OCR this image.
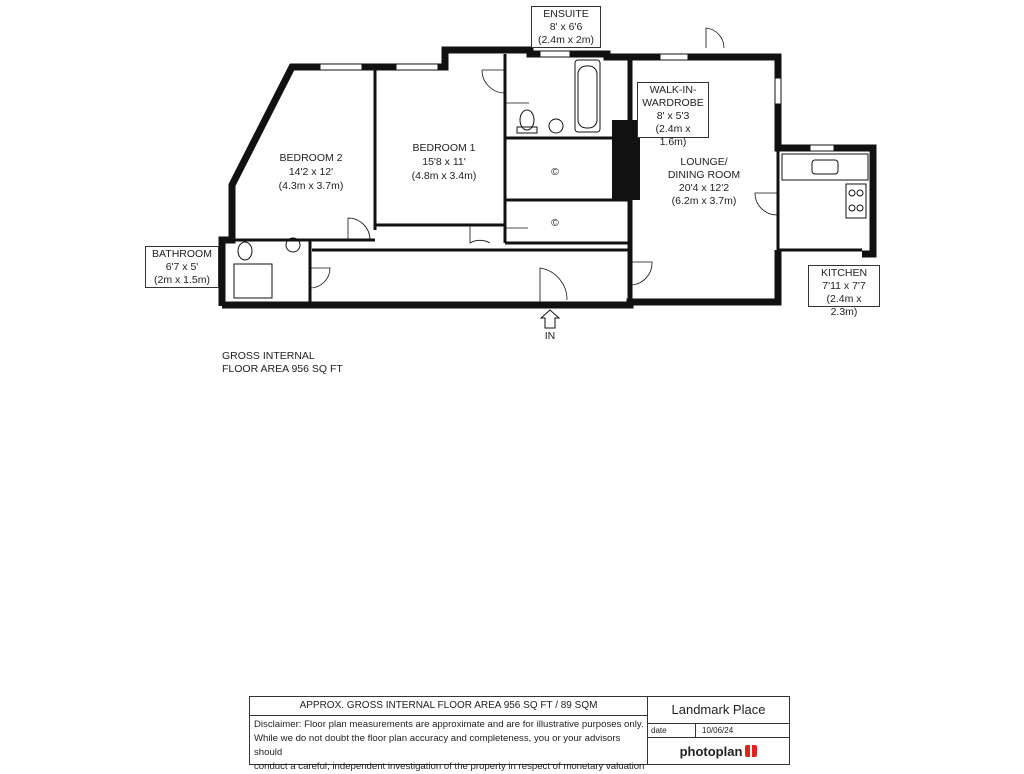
IN
BEDROOM 2
14'2 x 12'
(4.3m x 3.7m)
BEDROOM 1
15'8 x 11'
(4.8m x 3.4m)
LOUNGE/
DINING ROOM
20'4 x 12'2
(6.2m x 3.7m)
©
©
ENSUITE
8' x 6'6
(2.4m x 2m)
WALK-IN-
WARDROBE
8' x 5'3
(2.4m x 1.6m)
BATHROOM
6'7 x 5'
(2m x 1.5m)
KITCHEN
7'11 x 7'7
(2.4m x 2.3m)
GROSS INTERNAL
FLOOR AREA 956 SQ FT
APPROX. GROSS INTERNAL FLOOR AREA 956 SQ FT / 89 SQM
Disclaimer: Floor plan measurements are approximate and are for illustrative purposes only.
While we do not doubt the floor plan accuracy and completeness, you or your advisors should
conduct a careful, independent investigation of the property in respect of monetary valuation
Landmark Place
date	10/06/24
photoplan
